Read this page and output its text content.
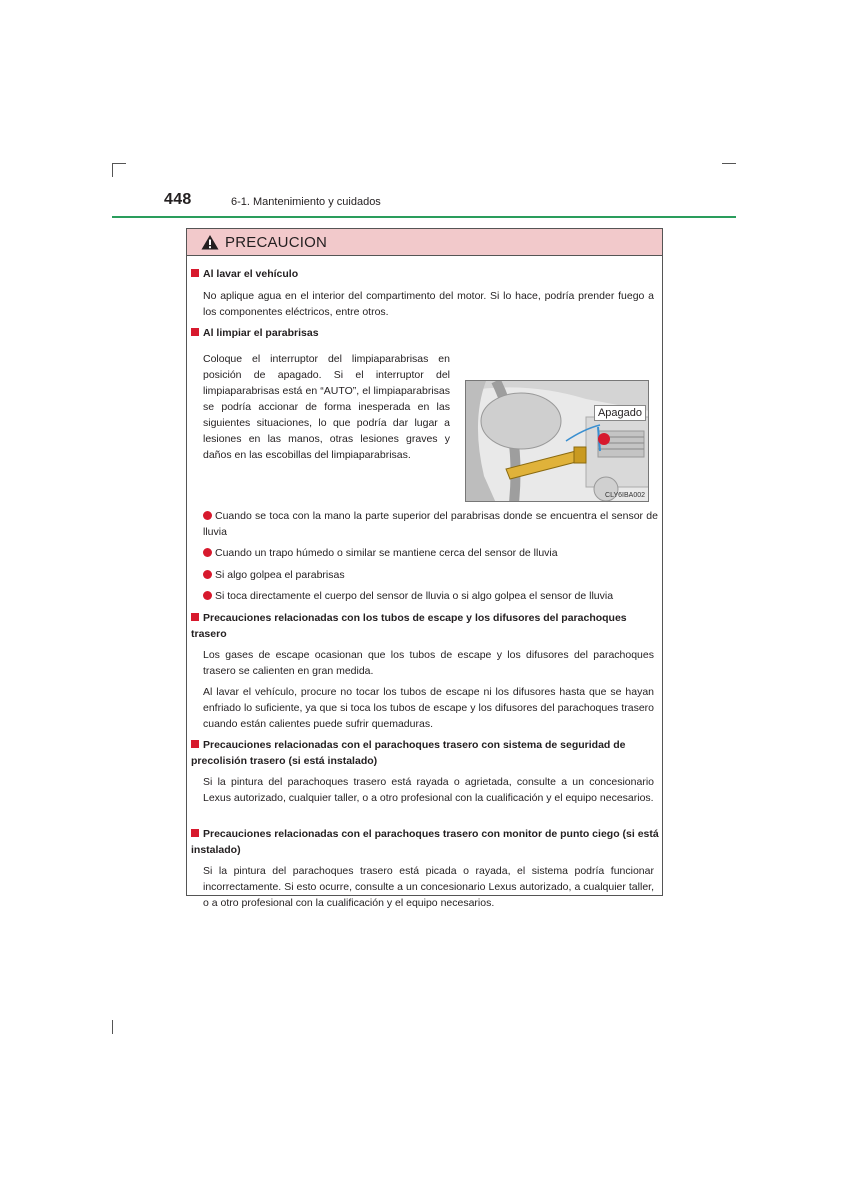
448	6-1. Mantenimiento y cuidados
PRECAUCION
Al lavar el vehículo
No aplique agua en el interior del compartimento del motor. Si lo hace, podría prender fuego a los componentes eléctricos, entre otros.
Al limpiar el parabrisas
Coloque el interruptor del limpiaparabrisas en posición de apagado. Si el interruptor del limpiaparabrisas está en “AUTO”, el limpiaparabrisas se podría accionar de forma inesperada en las siguientes situaciones, lo que podría dar lugar a lesiones en las manos, otras lesiones graves y daños en las escobillas del limpiaparabrisas.
Apagado
CLY6IBA002
Cuando se toca con la mano la parte superior del parabrisas donde se encuentra el sensor de lluvia
Cuando un trapo húmedo o similar se mantiene cerca del sensor de lluvia
Si algo golpea el parabrisas
Si toca directamente el cuerpo del sensor de lluvia o si algo golpea el sensor de lluvia
Precauciones relacionadas con los tubos de escape y los difusores del parachoques trasero
Los gases de escape ocasionan que los tubos de escape y los difusores del parachoques trasero se calienten en gran medida.
Al lavar el vehículo, procure no tocar los tubos de escape ni los difusores hasta que se hayan enfriado lo suficiente, ya que si toca los tubos de escape y los difusores del parachoques trasero cuando están calientes puede sufrir quemaduras.
Precauciones relacionadas con el parachoques trasero con sistema de seguridad de precolisión trasero (si está instalado)
Si la pintura del parachoques trasero está rayada o agrietada, consulte a un concesionario Lexus autorizado, cualquier taller, o a otro profesional con la cualificación y el equipo necesarios.
Precauciones relacionadas con el parachoques trasero con monitor de punto ciego (si está instalado)
Si la pintura del parachoques trasero está picada o rayada, el sistema podría funcionar incorrectamente. Si esto ocurre, consulte a un concesionario Lexus autorizado, a cualquier taller, o a otro profesional con la cualificación y el equipo necesarios.
